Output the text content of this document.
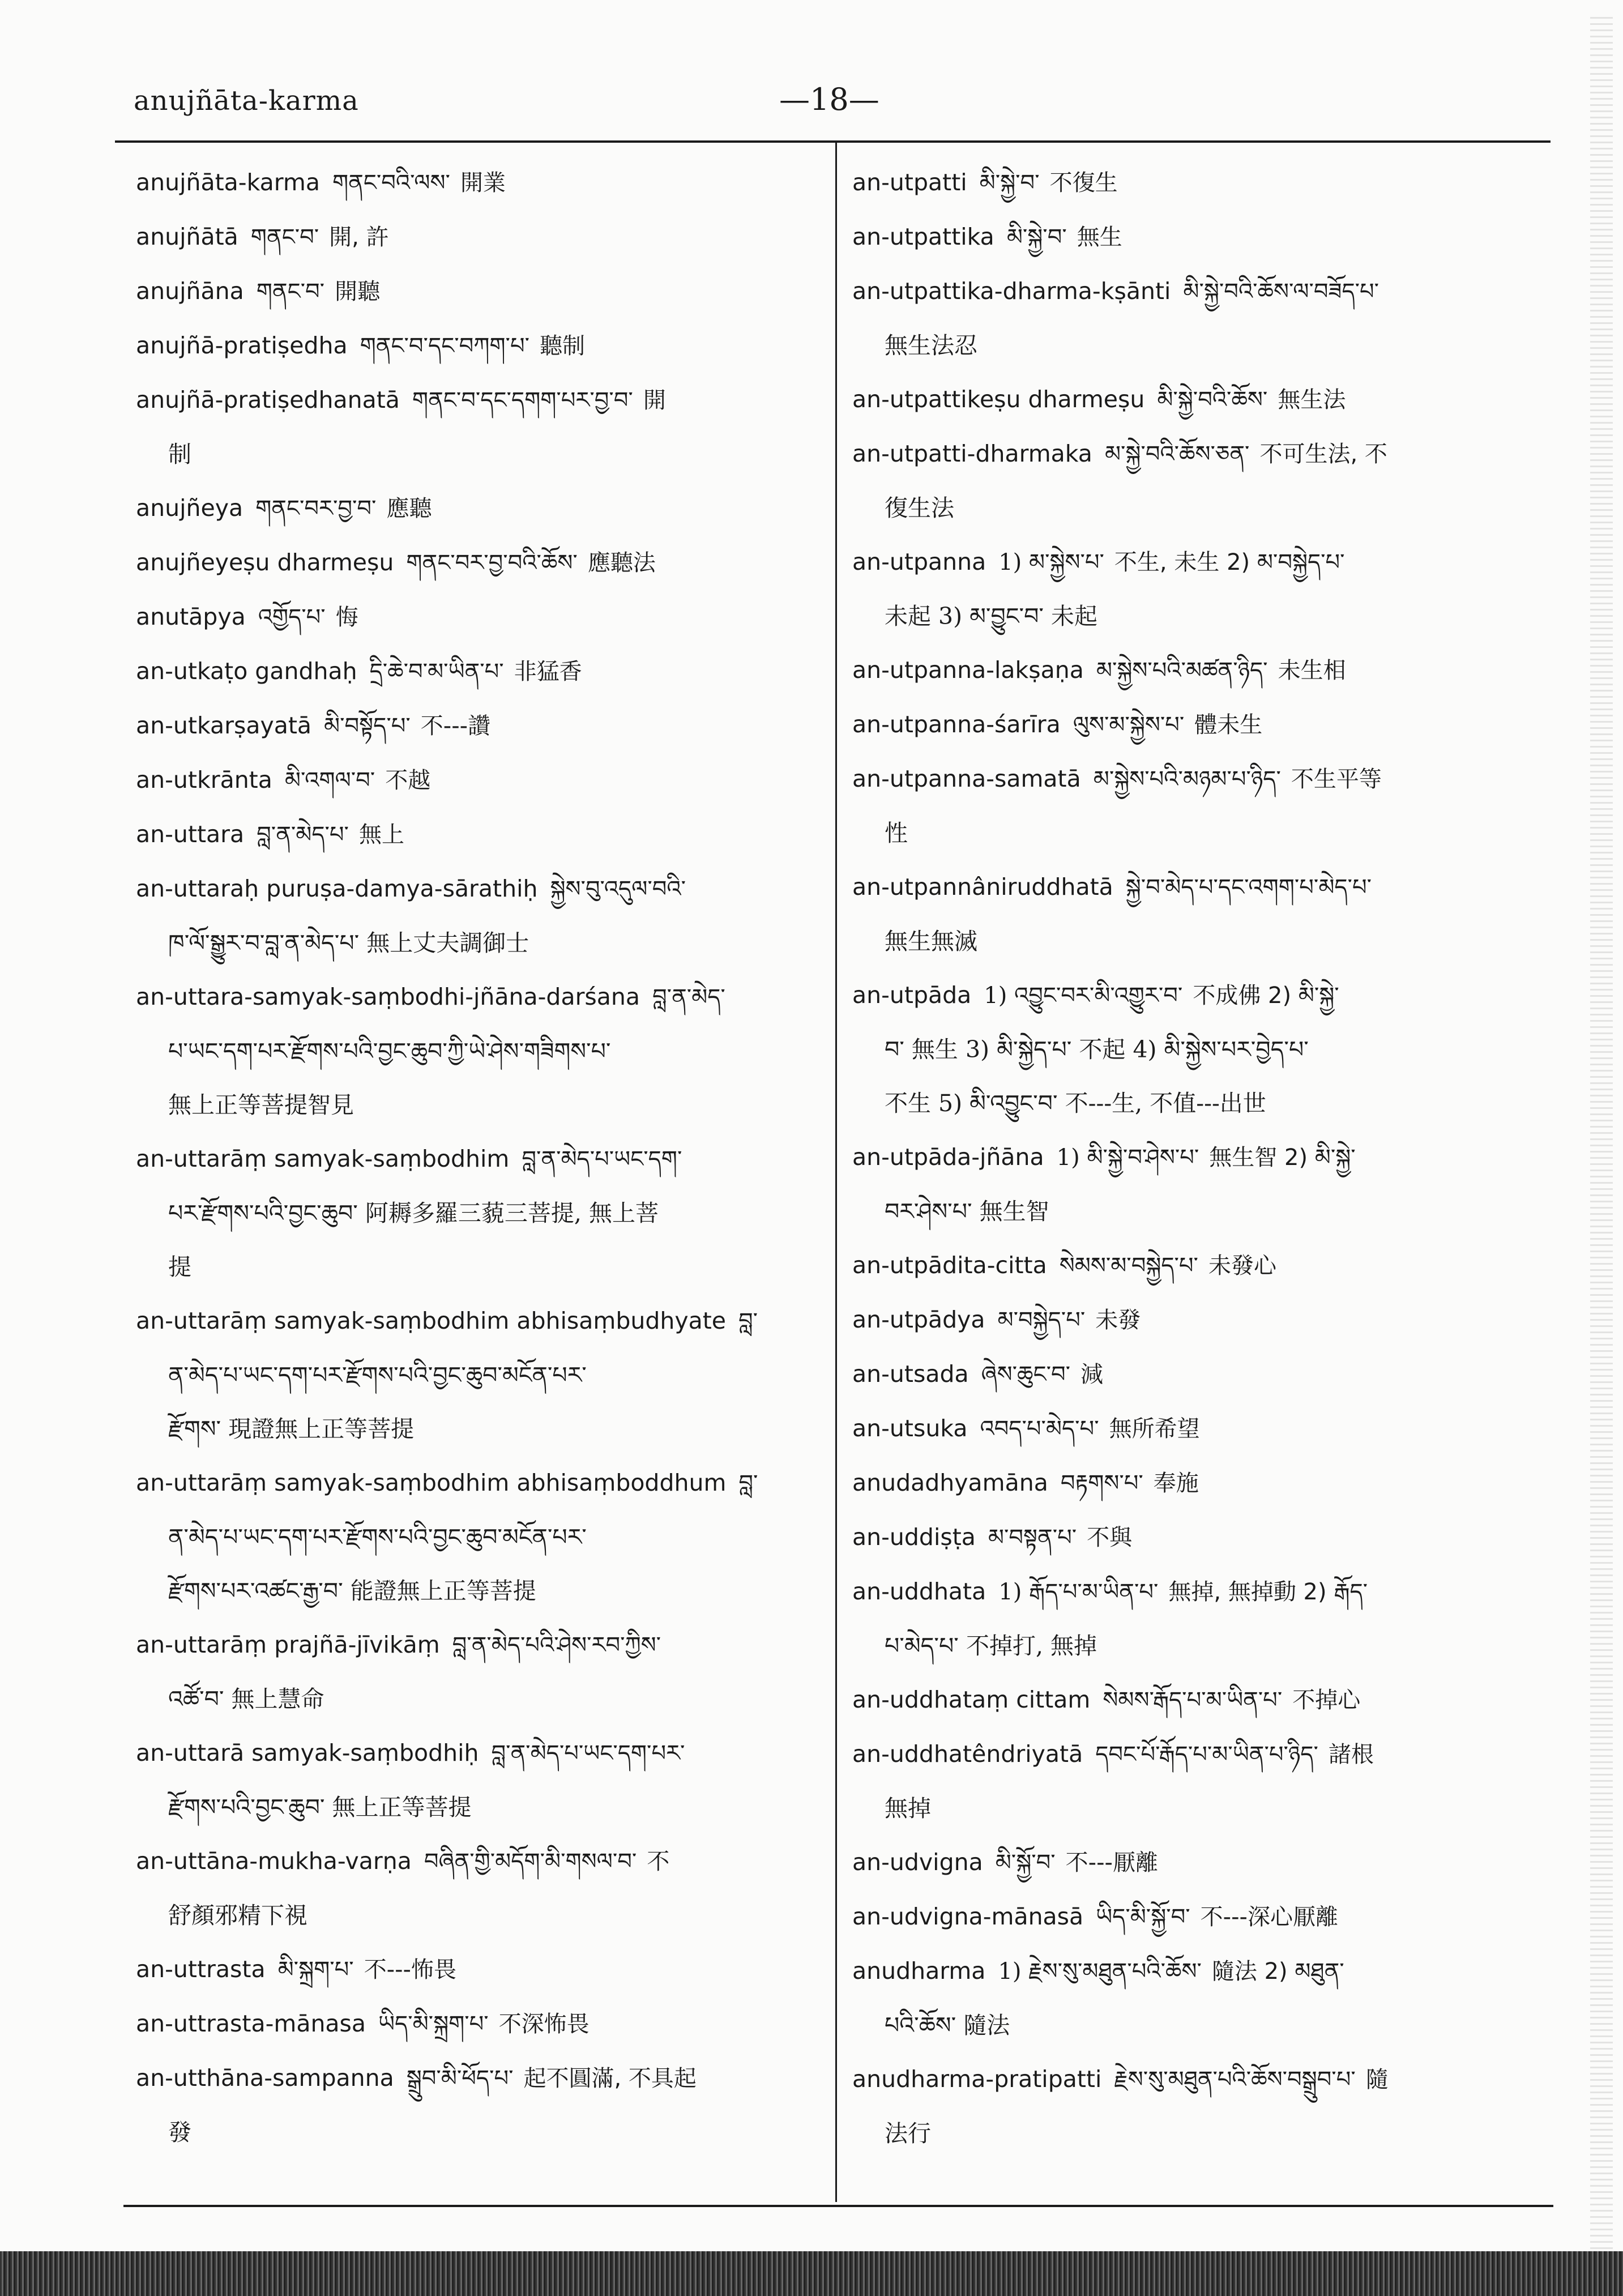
anujñāta-karma	—18—
anujñāta-karma གནང་བའི་ལས་ 開業
anujñātā གནང་བ་ 開, 許
anujñāna གནང་བ་ 開聽
anujñā-pratiṣedha གནང་བ་དང་བཀག་པ་ 聽制
anujñā-pratiṣedhanatā གནང་བ་དང་དགག་པར་བྱ་བ་ 開
制
anujñeya གནང་བར་བྱ་བ་ 應聽
anujñeyeṣu dharmeṣu གནང་བར་བྱ་བའི་ཆོས་ 應聽法
anutāpya འགྱོད་པ་ 悔
an-utkaṭo gandhaḥ དྲི་ཆེ་བ་མ་ཡིན་པ་ 非猛香
an-utkarṣayatā མི་བསྟོད་པ་ 不---讚
an-utkrānta མི་འགལ་བ་ 不越
an-uttara བླ་ན་མེད་པ་ 無上
an-uttaraḥ puruṣa-damya-sārathiḥ སྐྱེས་བུ་འདུལ་བའི་
ཁ་ལོ་སྒྱུར་བ་བླ་ན་མེད་པ་ 無上丈夫調御士
an-uttara-samyak-saṃbodhi-jñāna-darśana བླ་ན་མེད་
པ་ཡང་དག་པར་རྫོགས་པའི་བྱང་ཆུབ་ཀྱི་ཡེ་ཤེས་གཟིགས་པ་
無上正等菩提智見
an-uttarāṃ samyak-saṃbodhim བླ་ན་མེད་པ་ཡང་དག་
པར་རྫོགས་པའི་བྱང་ཆུབ་ 阿耨多羅三藐三菩提, 無上菩
提
an-uttarāṃ samyak-saṃbodhim abhisaṃbudhyate བླ་
ན་མེད་པ་ཡང་དག་པར་རྫོགས་པའི་བྱང་ཆུབ་མངོན་པར་
རྫོགས་ 現證無上正等菩提
an-uttarāṃ samyak-saṃbodhim abhisaṃboddhum བླ་
ན་མེད་པ་ཡང་དག་པར་རྫོགས་པའི་བྱང་ཆུབ་མངོན་པར་
རྫོགས་པར་འཚང་རྒྱ་བ་ 能證無上正等菩提
an-uttarāṃ prajñā-jīvikāṃ བླ་ན་མེད་པའི་ཤེས་རབ་ཀྱིས་
འཚོ་བ་ 無上慧命
an-uttarā samyak-saṃbodhiḥ བླ་ན་མེད་པ་ཡང་དག་པར་
རྫོགས་པའི་བྱང་ཆུབ་ 無上正等菩提
an-uttāna-mukha-varṇa བཞིན་གྱི་མདོག་མི་གསལ་བ་ 不
舒顏邪精下視
an-uttrasta མི་སྐྲག་པ་ 不---怖畏
an-uttrasta-mānasa ཡིད་མི་སྐྲག་པ་ 不深怖畏
an-utthāna-sampanna སྒྲུབ་མི་ཕོད་པ་ 起不圓滿, 不具起
發
an-utpatti མི་སྐྱེ་བ་ 不復生
an-utpattika མི་སྐྱེ་བ་ 無生
an-utpattika-dharma-kṣānti མི་སྐྱེ་བའི་ཆོས་ལ་བཟོད་པ་
無生法忍
an-utpattikeṣu dharmeṣu མི་སྐྱེ་བའི་ཆོས་ 無生法
an-utpatti-dharmaka མ་སྐྱེ་བའི་ཆོས་ཅན་ 不可生法, 不
復生法
an-utpanna 1) མ་སྐྱེས་པ་ 不生, 未生 2) མ་བསྐྱེད་པ་
未起 3) མ་བྱུང་བ་ 未起
an-utpanna-lakṣaṇa མ་སྐྱེས་པའི་མཚན་ཉིད་ 未生相
an-utpanna-śarīra ལུས་མ་སྐྱེས་པ་ 體未生
an-utpanna-samatā མ་སྐྱེས་པའི་མཉམ་པ་ཉིད་ 不生平等
性
an-utpannâniruddhatā སྐྱེ་བ་མེད་པ་དང་འགག་པ་མེད་པ་
無生無滅
an-utpāda 1) འབྱུང་བར་མི་འགྱུར་བ་ 不成佛 2) མི་སྐྱེ་
བ་ 無生 3) མི་སྐྱེད་པ་ 不起 4) མི་སྐྱེས་པར་བྱེད་པ་
不生 5) མི་འབྱུང་བ་ 不---生, 不值---出世
an-utpāda-jñāna 1) མི་སྐྱེ་བ་ཤེས་པ་ 無生智 2) མི་སྐྱེ་
བར་ཤེས་པ་ 無生智
an-utpādita-citta སེམས་མ་བསྐྱེད་པ་ 未發心
an-utpādya མ་བསྐྱེད་པ་ 未發
an-utsada ཞེས་ཆུང་བ་ 減
an-utsuka འབད་པ་མེད་པ་ 無所希望
anudadhyamāna བརྟགས་པ་ 奉施
an-uddiṣṭa མ་བསྟན་པ་ 不與
an-uddhata 1) རྒོད་པ་མ་ཡིན་པ་ 無掉, 無掉動 2) རྒོད་
པ་མེད་པ་ 不掉打, 無掉
an-uddhataṃ cittam སེམས་རྒོད་པ་མ་ཡིན་པ་ 不掉心
an-uddhatêndriyatā དབང་པོ་རྒོད་པ་མ་ཡིན་པ་ཉིད་ 諸根
無掉
an-udvigna མི་སྐྱོ་བ་ 不---厭離
an-udvigna-mānasā ཡིད་མི་སྐྱོ་བ་ 不---深心厭離
anudharma 1) རྗེས་སུ་མཐུན་པའི་ཆོས་ 隨法 2) མཐུན་
པའི་ཆོས་ 隨法
anudharma-pratipatti རྗེས་སུ་མཐུན་པའི་ཆོས་བསྒྲུབ་པ་ 隨
法行
